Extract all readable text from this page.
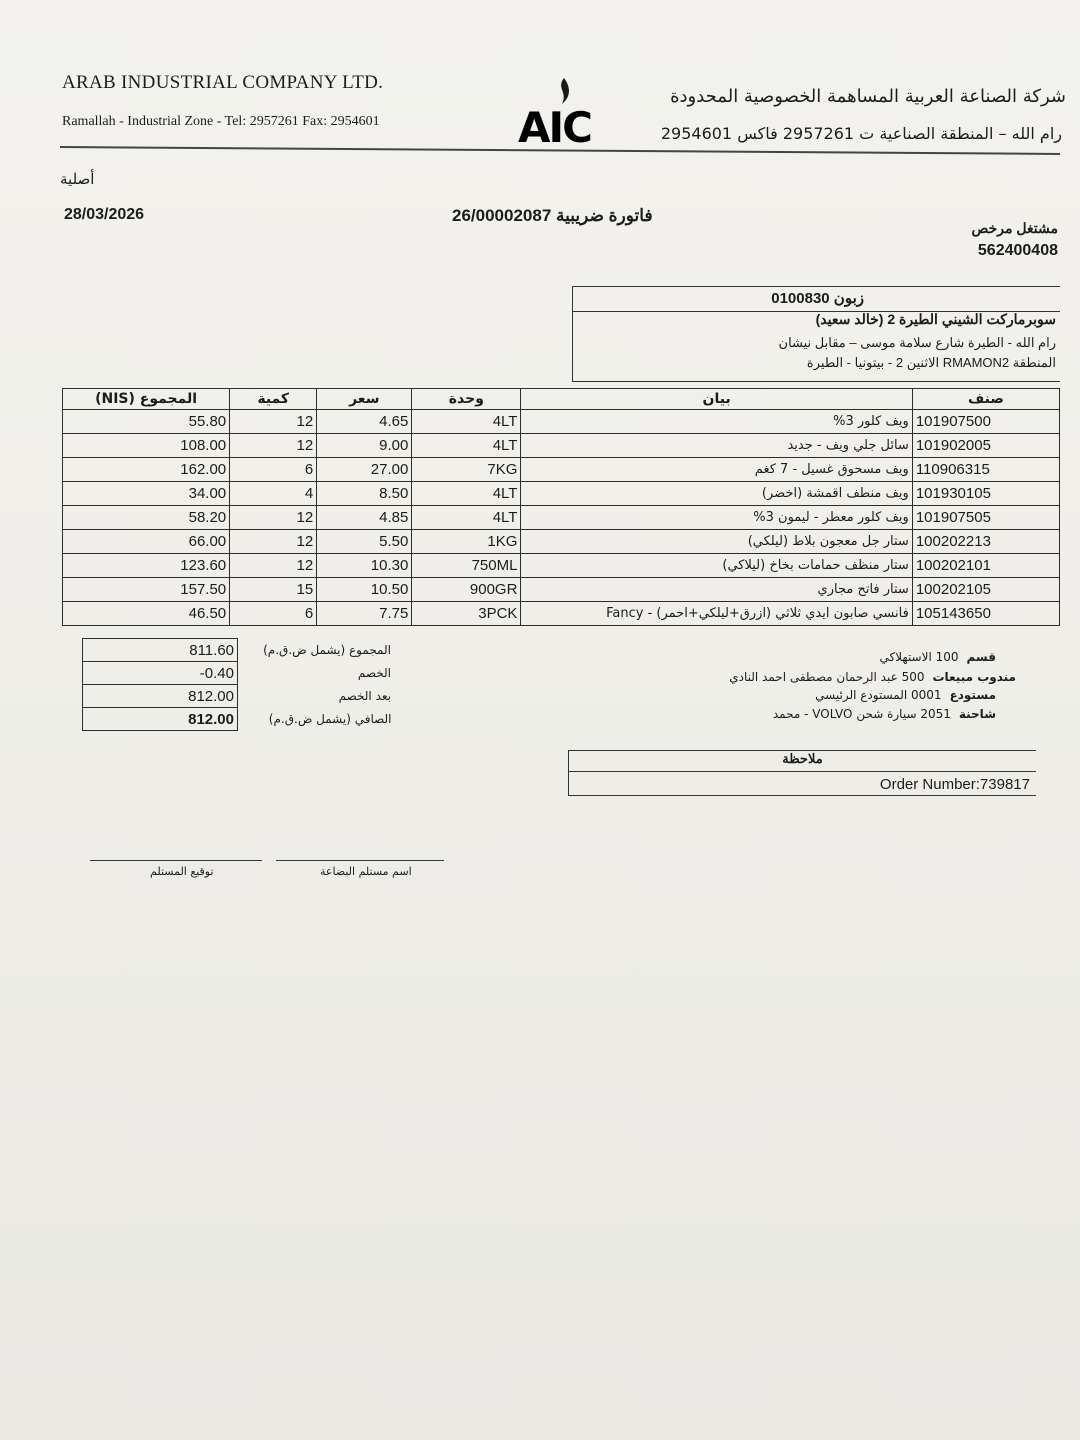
ARAB INDUSTRIAL COMPANY LTD.
Ramallah - Industrial Zone - Tel: 2957261 Fax: 2954601	AIC
شركة الصناعة العربية المساهمة الخصوصية المحدودة
رام الله – المنطقة الصناعية ت 2957261 فاكس 2954601
أصلية
28/03/2026	فاتورة ضريبية 26/00002087
مشتغل مرخص
562400408
زبون 0100830
سوبرماركت الشيني الطيرة 2 (خالد سعيد)
رام الله - الطيرة شارع سلامة موسى – مقابل نيشان
المنطقة RMAMON2 الاثنين 2 - بيتونيا - الطيرة
المجموع (NIS)	كمية	سعر	وحدة	بيان	صنف
55.80	12	4.65	4LT	ويف كلور 3%	101907500
108.00	12	9.00	4LT	سائل جلي ويف - جديد	101902005
162.00	6	27.00	7KG	ويف مسحوق غسيل - 7 كغم	110906315
34.00	4	8.50	4LT	ويف منطف اقمشة (اخضر)	101930105
58.20	12	4.85	4LT	ويف كلور معطر - ليمون 3%	101907505
66.00	12	5.50	1KG	ستار جل معجون بلاط (ليلكي)	100202213
123.60	12	10.30	750ML	ستار منظف حمامات بخاخ (ليلاكي)	100202101
157.50	15	10.50	900GR	ستار فاتح مجاري	100202105
46.50	6	7.75	3PCK	فانسي صابون ايدي ثلاثي (ازرق+ليلكي+احمر) - Fancy	105143650
811.60	المجموع (يشمل ض.ق.م)
-0.40	الخصم
812.00	بعد الخصم
812.00	الصافي (يشمل ض.ق.م)
قسم100 الاستهلاكي
مندوب مبيعات500 عبد الرحمان مصطفى احمد النادي
مستودع0001 المستودع الرئيسي
شاحنة2051 سيارة شحن VOLVO - محمد
ملاحظة
Order Number:739817
توقيع المستلم	اسم مستلم البضاعة
